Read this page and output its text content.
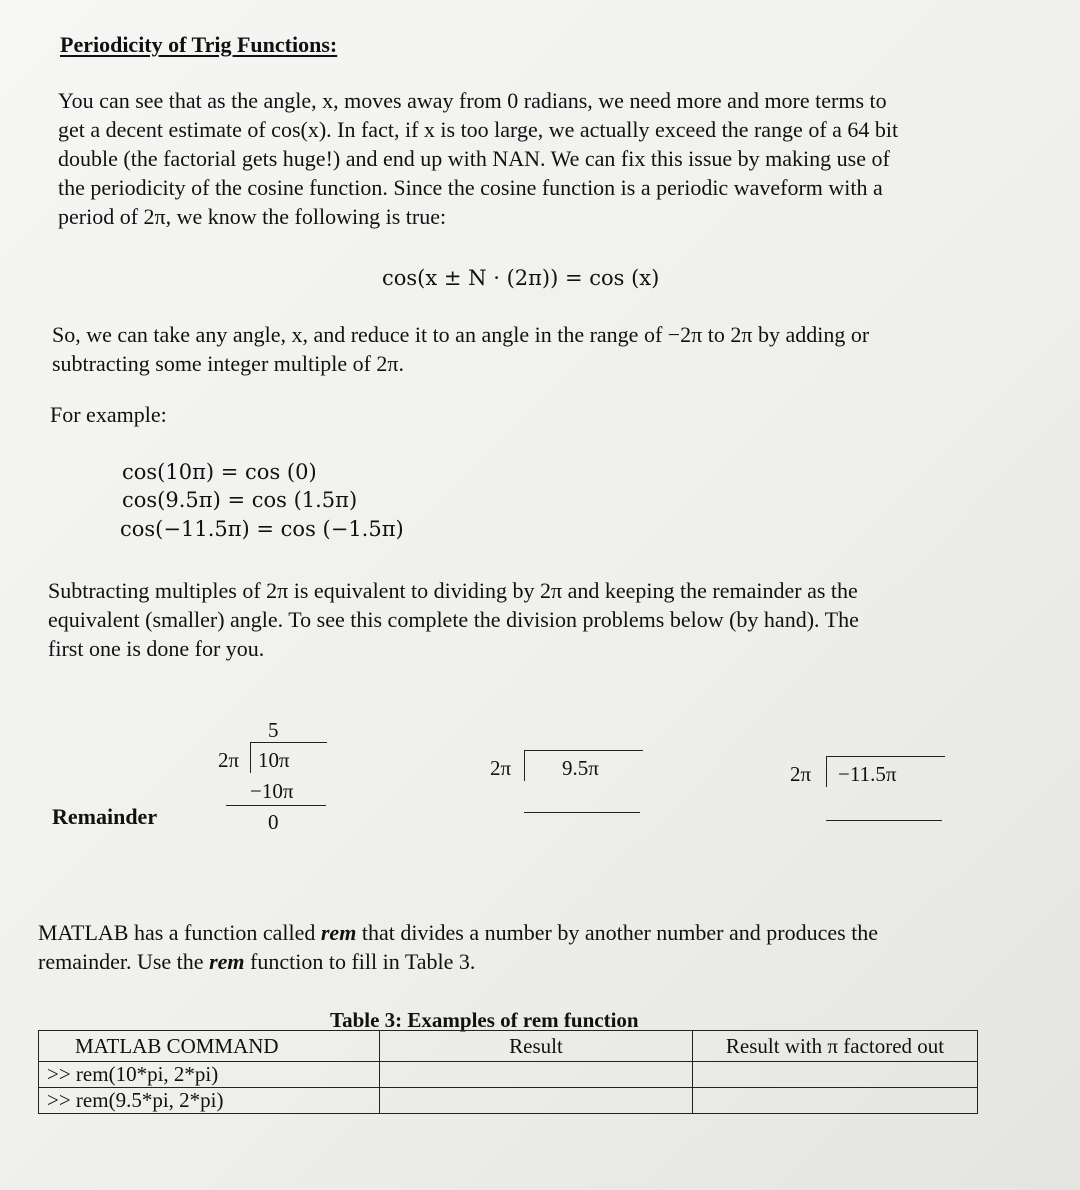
Periodicity of Trig Functions:

You can see that as the angle, x, moves away from 0 radians, we need more and more terms to

get a decent estimate of cos(x). In fact, if x is too large, we actually exceed the range of a 64 bit

double (the factorial gets huge!) and end up with NAN. We can fix this issue by making use of

the periodicity of the cosine function. Since the cosine function is a periodic waveform with a

period of 2π, we know the following is true:

cos(x ± N · (2π)) = cos (x)

So, we can take any angle, x, and reduce it to an angle in the range of −2π to 2π by adding or

subtracting some integer multiple of 2π.

For example:
cos(10π) = cos (0)
cos(9.5π) = cos (1.5π)
cos(−11.5π) = cos (−1.5π)

Subtracting multiples of 2π is equivalent to dividing by 2π and keeping the remainder as the

equivalent (smaller) angle. To see this complete the division problems below (by hand). The

first one is done for you.

5
2π 10π
−10π
0
2π 9.5π	2π −11.5π
Remainder

MATLAB has a function called rem that divides a number by another number and produces the

remainder. Use the rem function to fill in Table 3.

Table 3: Examples of rem function
MATLAB COMMAND	Result	Result with π factored out
>> rem(10*pi, 2*pi)		
>> rem(9.5*pi, 2*pi)		
